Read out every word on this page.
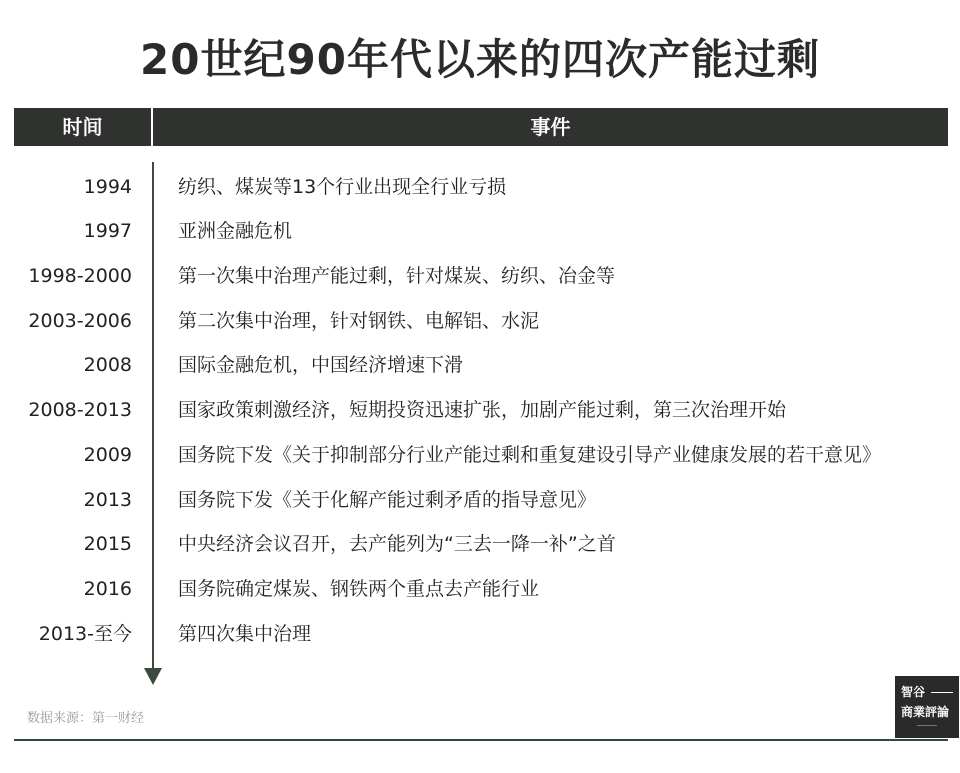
20世纪90年代以来的四次产能过剩
时间	事件
1994 纺织、煤炭等13个行业出现全行业亏损
1997 亚洲金融危机
1998-2000 第一次集中治理产能过剩，针对煤炭、纺织、冶金等
2003-2006 第二次集中治理，针对钢铁、电解铝、水泥
2008 国际金融危机，中国经济增速下滑
2008-2013 国家政策刺激经济，短期投资迅速扩张，加剧产能过剩，第三次治理开始
2009 国务院下发《关于抑制部分行业产能过剩和重复建设引导产业健康发展的若干意见》
2013 国务院下发《关于化解产能过剩矛盾的指导意见》
2015 中央经济会议召开，去产能列为“三去一降一补”之首
2016 国务院确定煤炭、钢铁两个重点去产能行业
2013-至今 第四次集中治理
数据来源：第一财经
智谷
商業評論
